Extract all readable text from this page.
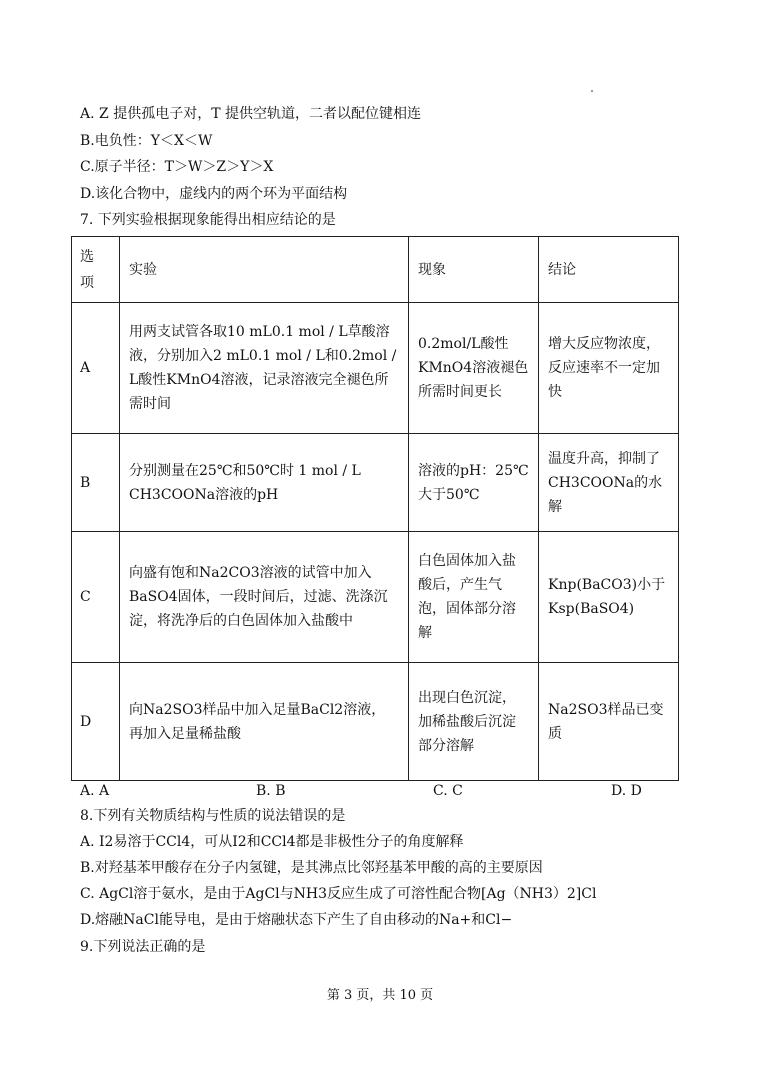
A. Z 提供孤电子对，T 提供空轨道，二者以配位键相连
B.电负性：Y＜X＜W
C.原子半径：T＞W＞Z＞Y＞X
D.该化合物中，虚线内的两个环为平面结构
7. 下列实验根据现象能得出相应结论的是
选项	实验	现象	结论
A	用两支试管各取10 mL0.1 mol / L草酸溶液，分别加入2 mL0.1 mol / L和0.2mol / L酸性KMnO4溶液，记录溶液完全褪色所需时间	0.2mol/L酸性KMnO4溶液褪色所需时间更长	增大反应物浓度，反应速率不一定加快
B	分别测量在25℃和50℃时 1 mol / L CH3COONa溶液的pH	溶液的pH：25℃大于50℃	温度升高，抑制了CH3COONa的水解
C	向盛有饱和Na2CO3溶液的试管中加入BaSO4固体，一段时间后，过滤、洗涤沉淀，将洗净后的白色固体加入盐酸中	白色固体加入盐酸后，产生气泡，固体部分溶解	Knp(BaCO3)小于Ksp(BaSO4)
D	向Na2SO3样品中加入足量BaCl2溶液，再加入足量稀盐酸	出现白色沉淀，加稀盐酸后沉淀部分溶解	Na2SO3样品已变质
A. A	B. B	C. C	D. D
8.下列有关物质结构与性质的说法错误的是
A. I2易溶于CCl4，可从I2和CCl4都是非极性分子的角度解释
B.对羟基苯甲酸存在分子内氢键，是其沸点比邻羟基苯甲酸的高的主要原因
C. AgCl溶于氨水，是由于AgCl与NH3反应生成了可溶性配合物[Ag（NH3）2]Cl
D.熔融NaCl能导电，是由于熔融状态下产生了自由移动的Na+和Cl−
9.下列说法正确的是
第 3 页，共 10 页
